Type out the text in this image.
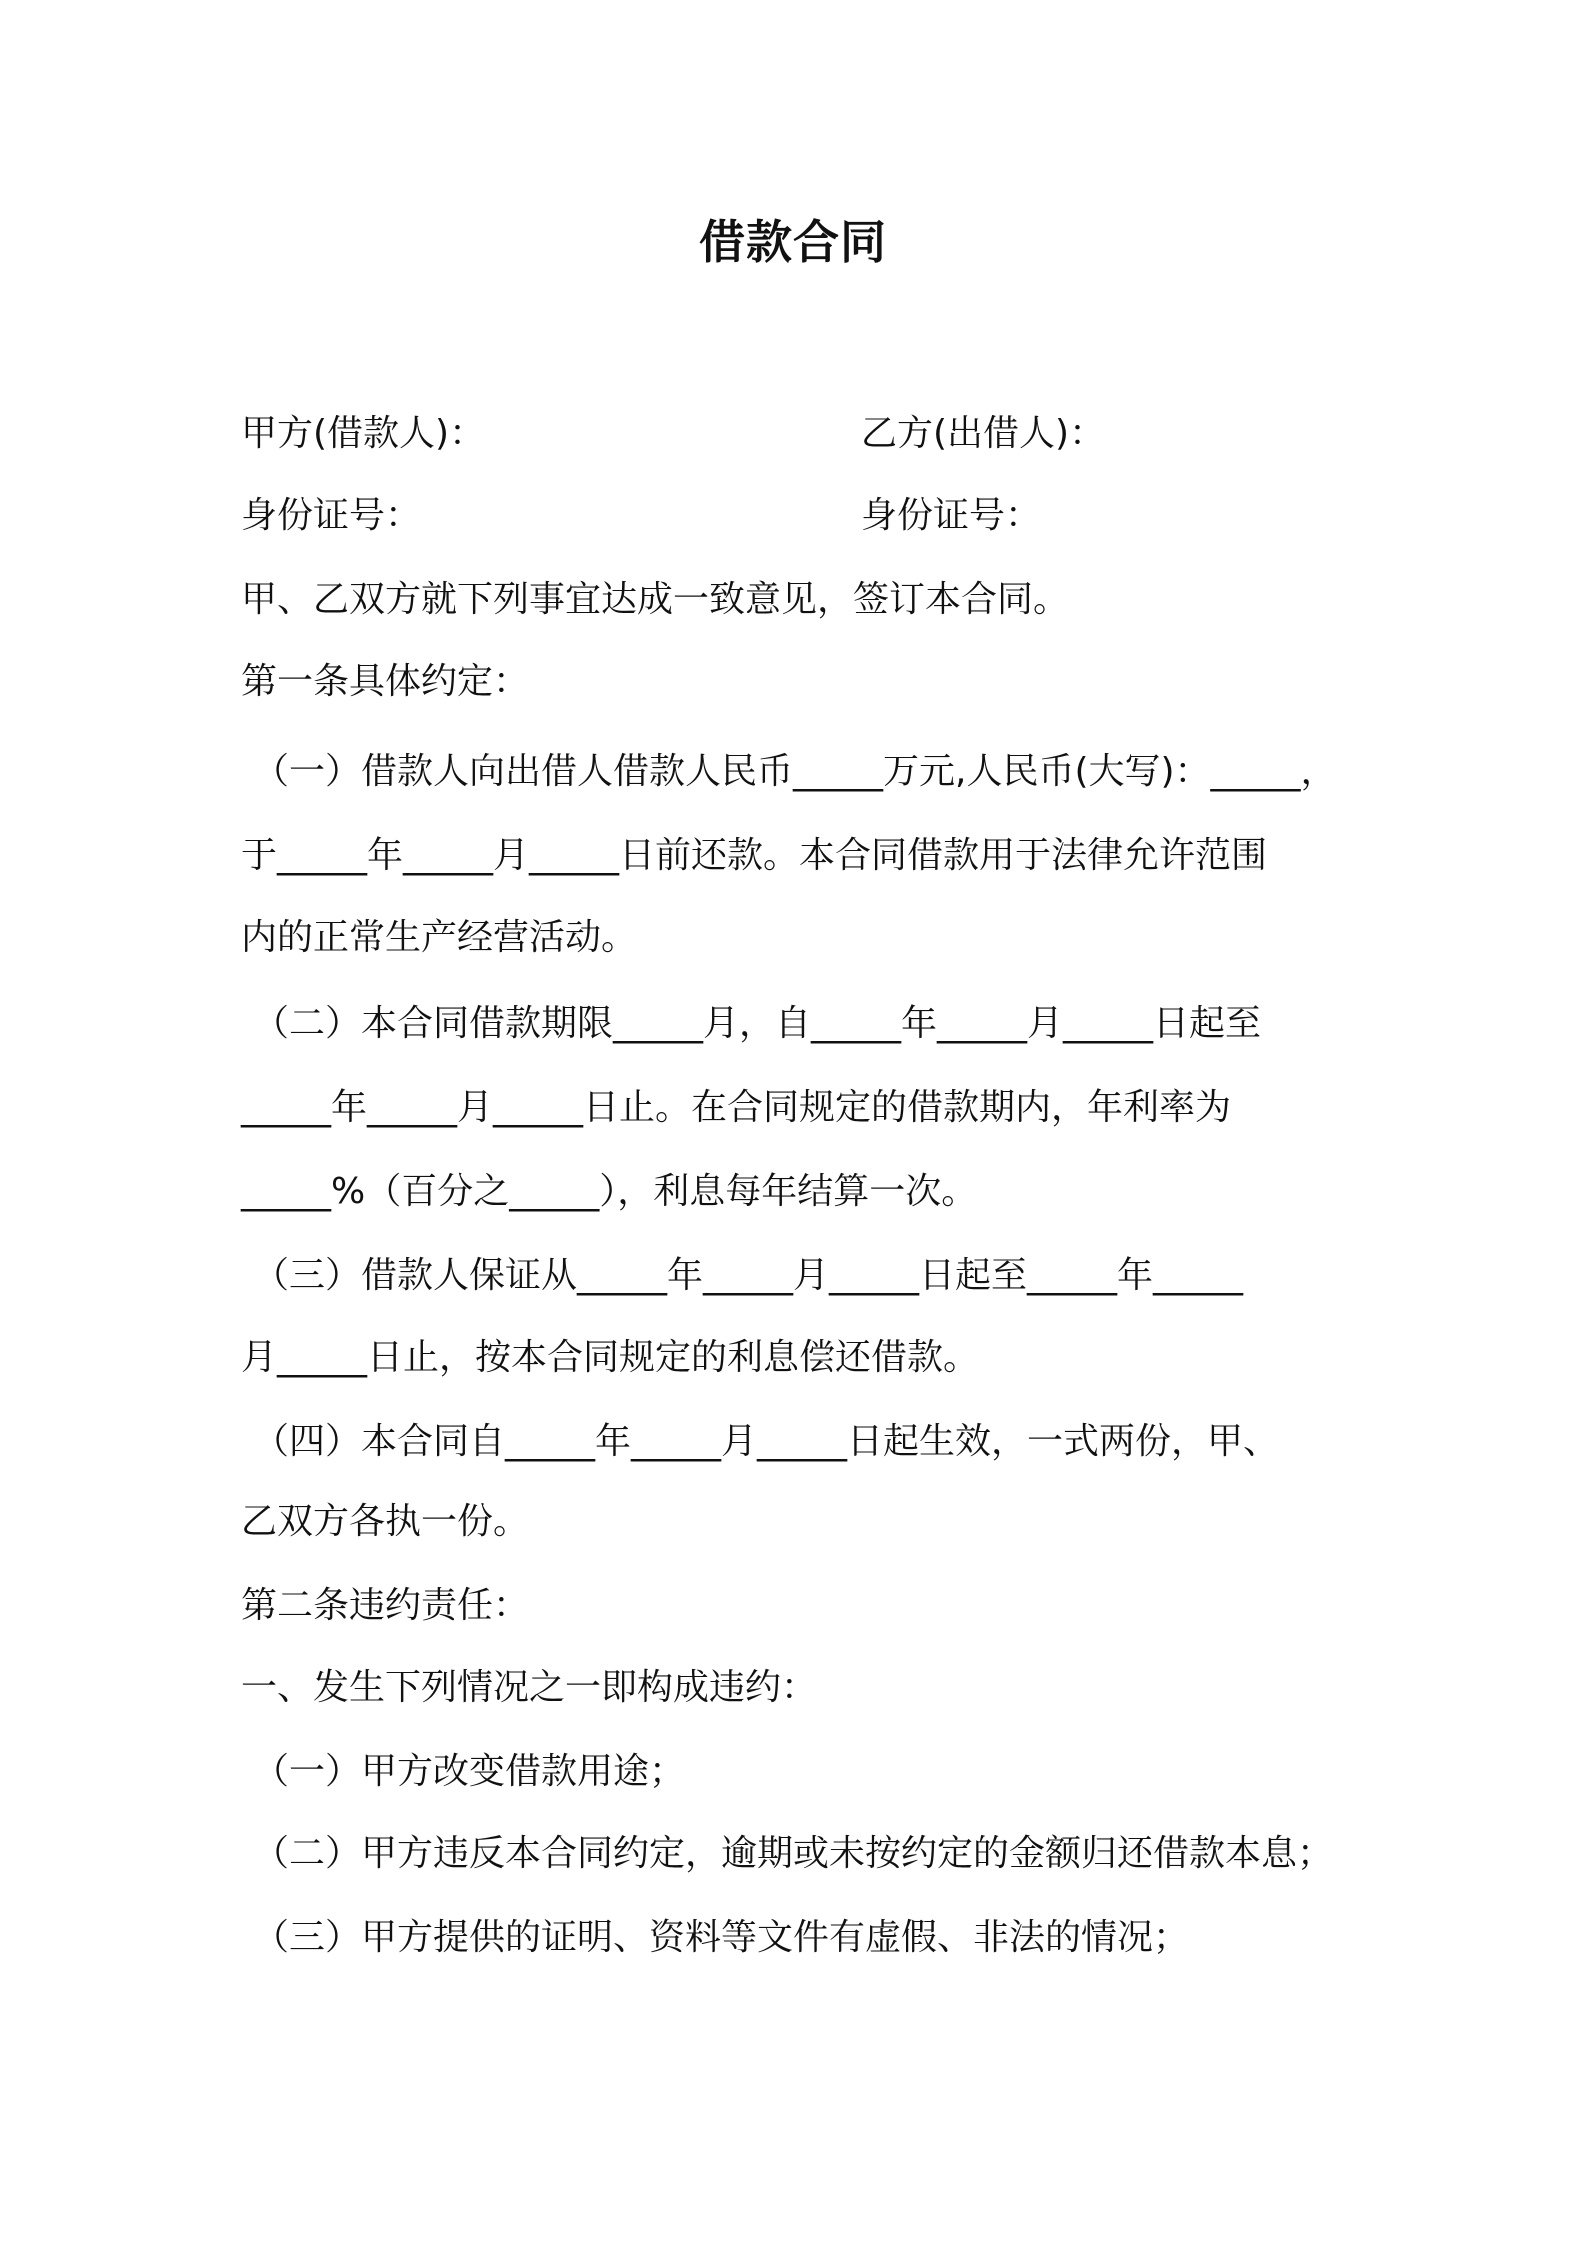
借款合同
甲方(借款人)：	乙方(出借人)：
身份证号：	身份证号：
甲、乙双方就下列事宜达成一致意见，签订本合同。
第一条具体约定：
（一）借款人向出借人借款人民币_____万元,人民币(大写)：_____，
于_____年_____月_____日前还款。本合同借款用于法律允许范围
内的正常生产经营活动。
（二）本合同借款期限_____月，自_____年_____月_____日起至
_____年_____月_____日止。在合同规定的借款期内，年利率为
_____%（百分之_____），利息每年结算一次。
（三）借款人保证从_____年_____月_____日起至_____年_____
月_____日止，按本合同规定的利息偿还借款。
（四）本合同自_____年_____月_____日起生效，一式两份，甲、
乙双方各执一份。
第二条违约责任：
一、发生下列情况之一即构成违约：
（一）甲方改变借款用途；
（二）甲方违反本合同约定，逾期或未按约定的金额归还借款本息；
（三）甲方提供的证明、资料等文件有虚假、非法的情况；
